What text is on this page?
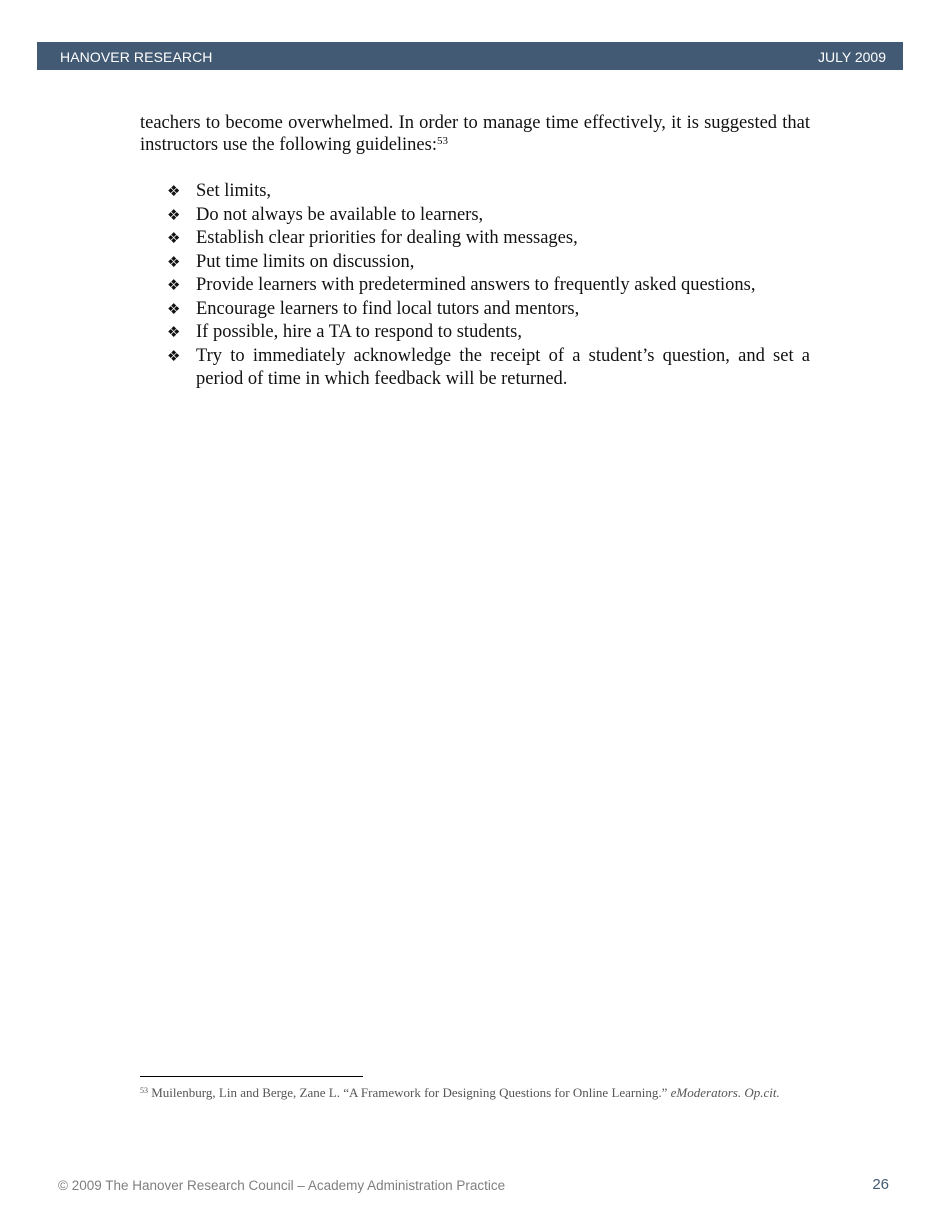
HANOVER RESEARCH	JULY 2009
teachers to become overwhelmed. In order to manage time effectively, it is suggested that instructors use the following guidelines:$^{53}$
❖ Set limits,
❖ Do not always be available to learners,
❖ Establish clear priorities for dealing with messages,
❖ Put time limits on discussion,
❖ Provide learners with predetermined answers to frequently asked questions,
❖ Encourage learners to find local tutors and mentors,
❖ If possible, hire a TA to respond to students,
❖ Try to immediately acknowledge the receipt of a student’s question, and set a period of time in which feedback will be returned.
$^{53}$ Muilenburg, Lin and Berge, Zane L. “A Framework for Designing Questions for Online Learning.” eModerators. Op.cit.
© 2009 The Hanover Research Council – Academy Administration Practice	26
